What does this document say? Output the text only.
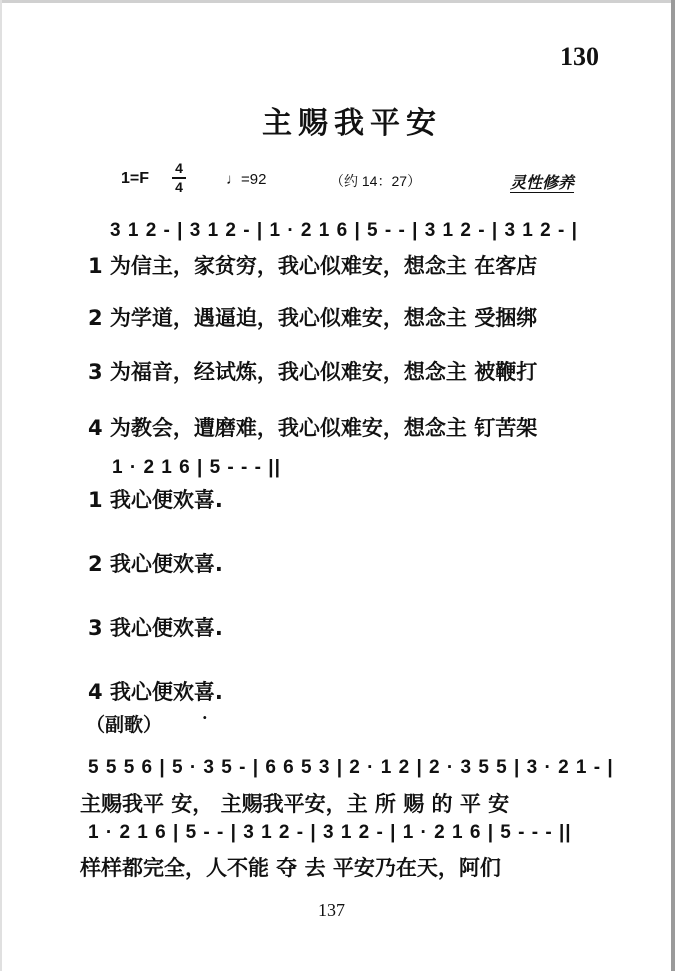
130
主赐我平安
1=F
4
4	♩=92	（约 14：27）	灵性修养
3 1 2 - | 3 1 2 - | 1 · 2 1 6 | 5 - - | 3 1 2 - | 3 1 2 - |
1 为信主，家贫穷，我心似难安，想念主 在客店
2 为学道，遇逼迫，我心似难安，想念主 受捆绑
3 为福音，经试炼，我心似难安，想念主 被鞭打
4 为教会，遭磨难，我心似难安，想念主 钉苦架
1 · 2 1 6 | 5 - - - ||
1 我心便欢喜.
2 我心便欢喜.
3 我心便欢喜.
4 我心便欢喜.
（副歌） ·
5 5 5 6 | 5 · 3 5 - | 6 6 5 3 | 2 · 1 2 | 2 · 3 5 5 | 3 · 2 1 - |
主赐我平 安， 主赐我平安，主 所 赐 的 平 安
1 · 2 1 6 | 5 - - | 3 1 2 - | 3 1 2 - | 1 · 2 1 6 | 5 - - - ||
样样都完全，人不能 夺 去 平安乃在天，阿们
137
